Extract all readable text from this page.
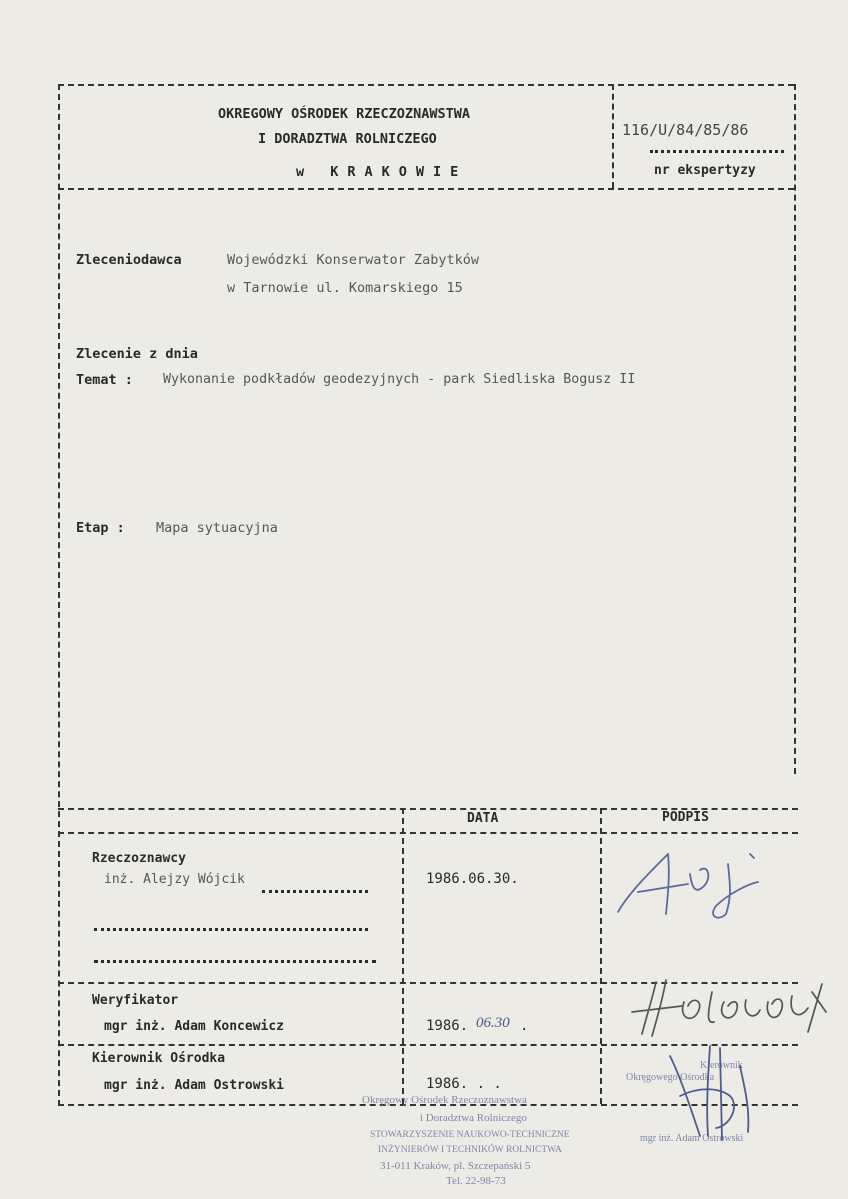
OKREGOWY OŚRODEK RZECZOZNAWSTWA
I DORADZTWA ROLNICZEGO
w KRAKOWIE
116/U/84/85/86
nr ekspertyzy
Zleceniodawca	Wojewódzki Konserwator Zabytków
w Tarnowie ul. Komarskiego 15
Zlecenie z dnia
Temat : Wykonanie podkładów geodezyjnych - park Siedliska Bogusz II
Etap : Mapa sytuacyjna
DATA	PODPIS
Rzeczoznawcy
inż. Alejzy Wójcik	1986.06.30.
Weryfikator
mgr inż. Adam Koncewicz	1986. 06.30 .
Kierownik Ośrodka
mgr inż. Adam Ostrowski	1986. . .
Okręgowy Ośrodek Rzeczoznawstwa
i Doradztwa Rolniczego
STOWARZYSZENIE NAUKOWO-TECHNICZNE
INŻYNIERÓW I TECHNIKÓW ROLNICTWA
31-011 Kraków, pl. Szczepański 5
Tel. 22-98-73
Okręgowego Ośrodka
Kierownik
mgr inż. Adam Ostrowski
